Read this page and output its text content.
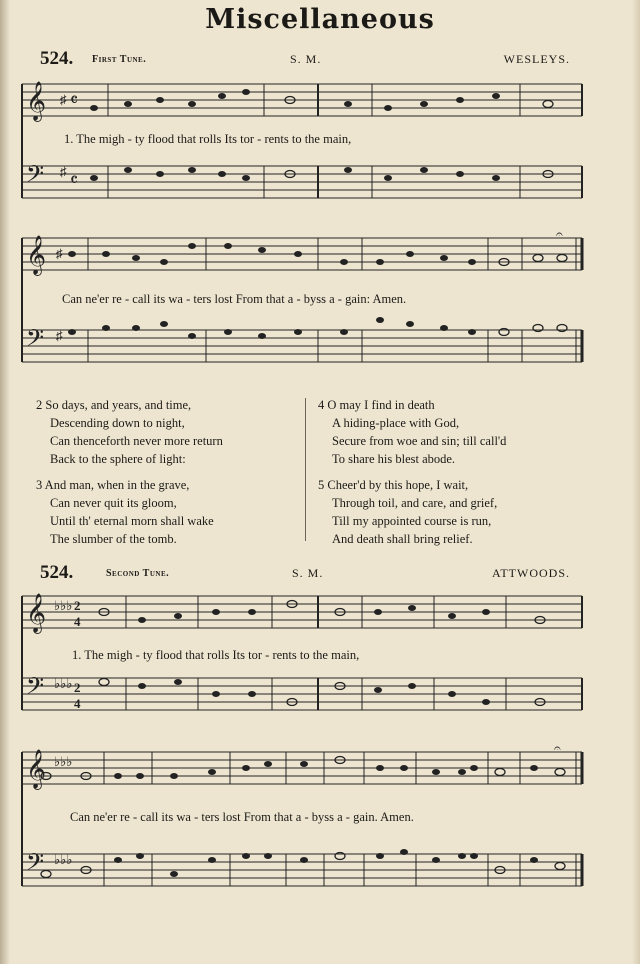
Miscellaneous
524. First Tune.	S. M.	WESLEYS.
𝄞
𝄢
♯
♯
𝄴
𝄴
1. The migh - ty flood that rolls Its tor - rents to the main,
𝄞
𝄢
♯
♯
𝄐
Can ne'er re - call its wa - ters lost From that a - byss a - gain: Amen.
2 So days, and years, and time,
Descending down to night,
Can thenceforth never more return
Back to the sphere of light:
3 And man, when in the grave,
Can never quit its gloom,
Until th' eternal morn shall wake
The slumber of the tomb.
4 O may I find in death
A hiding-place with God,
Secure from woe and sin; till call'd
To share his blest abode.
5 Cheer'd by this hope, I wait,
Through toil, and care, and grief,
Till my appointed course is run,
And death shall bring relief.
524.	Second Tune.	S. M.	ATTWOODS.
𝄞
𝄢
♭♭♭
♭♭♭
2
4
2
4
1. The migh - ty flood that rolls Its tor - rents to the main,
𝄞
𝄢
♭♭♭
♭♭♭
𝄐
Can ne'er re - call its wa - ters lost From that a - byss a - gain. Amen.
